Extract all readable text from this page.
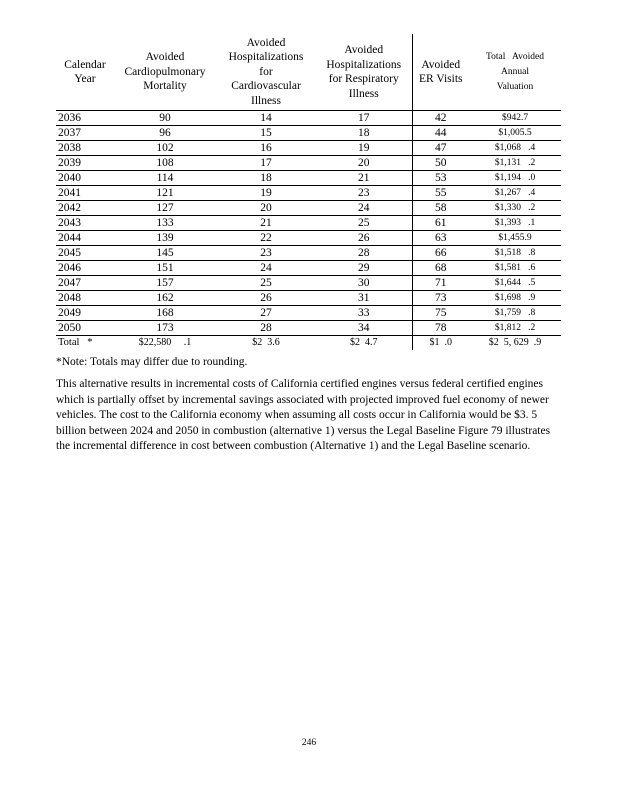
Calendar
Year	Avoided
Cardiopulmonary
Mortality	Avoided
Hospitalizations
for
Cardiovascular
Illness	Avoided
Hospitalizations
for Respiratory
Illness	Avoided
ER Visits	Total   Avoided
Annual
Valuation
2036	90	14	17	42	$942.7
2037	96	15	18	44	$1,005.5
2038	102	16	19	47	$1,068   .4
2039	108	17	20	50	$1,131   .2
2040	114	18	21	53	$1,194   .0
2041	121	19	23	55	$1,267   .4
2042	127	20	24	58	$1,330   .2
2043	133	21	25	61	$1,393   .1
2044	139	22	26	63	$1,455.9
2045	145	23	28	66	$1,518   .8
2046	151	24	29	68	$1,581   .6
2047	157	25	30	71	$1,644   .5
2048	162	26	31	73	$1,698   .9
2049	168	27	33	75	$1,759   .8
2050	173	28	34	78	$1,812   .2
Total   *	$22,580     .1	$2  3.6	$2  4.7	$1  .0	$2  5, 629  .9

*Note: Totals may differ due to rounding.

This alternative results in incremental costs of California certified engines versus federal certified engines which is partially offset by incremental savings associated with projected improved fuel economy of newer vehicles. The cost to the California economy when assuming all costs occur in California would be $3. 5 billion between 2024 and 2050 in combustion (alternative 1) versus the Legal Baseline Figure 79 illustrates the incremental difference in cost between combustion (Alternative 1) and the Legal Baseline scenario.

246
